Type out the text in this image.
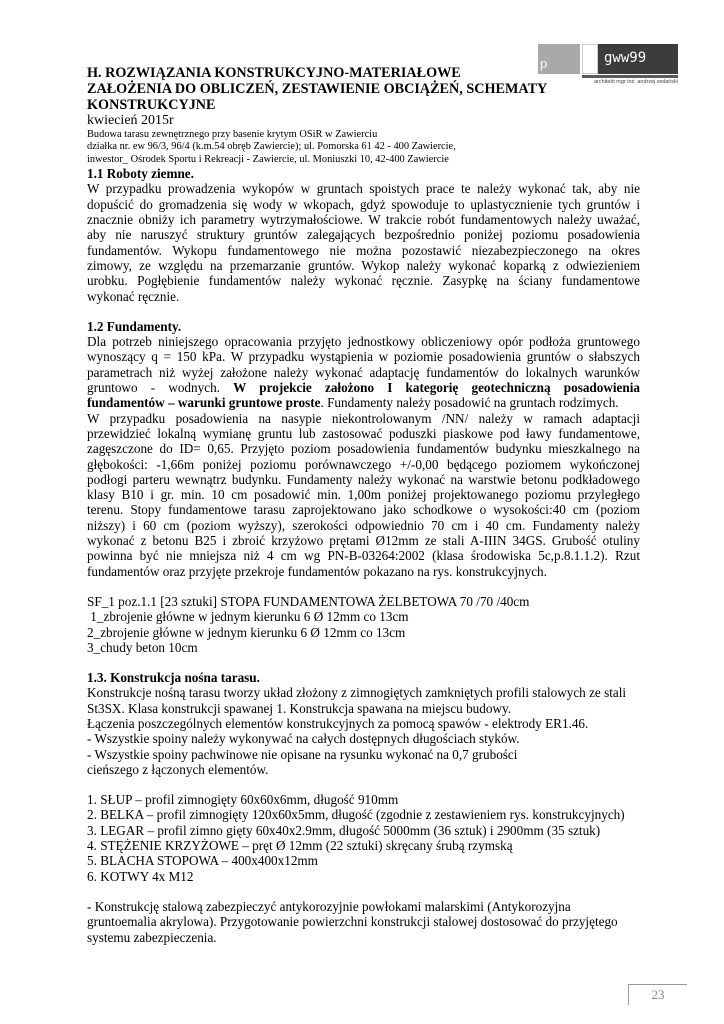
p	gww99
architekt mgr inż. andrzej wolański
H. ROZWIĄZANIA KONSTRUKCYJNO-MATERIAŁOWE
ZAŁOŻENIA DO OBLICZEŃ, ZESTAWIENIE OBCIĄŻEŃ, SCHEMATY
KONSTRUKCYJNE
kwiecień 2015r
Budowa tarasu zewnętrznego przy basenie krytym OSiR w Zawierciu
działka nr. ew 96/3, 96/4 (k.m.54 obręb Zawiercie); ul. Pomorska 61 42 - 400 Zawiercie,
inwestor_ Ośrodek Sportu i Rekreacji - Zawiercie, ul. Moniuszki 10, 42-400 Zawiercie
1.1 Roboty ziemne.
W przypadku prowadzenia wykopów w gruntach spoistych prace te należy wykonać tak, aby nie
dopuścić do gromadzenia się wody w wkopach, gdyż spowoduje to uplastycznienie tych gruntów i
znacznie obniży ich parametry wytrzymałościowe. W trakcie robót fundamentowych należy uważać,
aby nie naruszyć struktury gruntów zalegających bezpośrednio poniżej poziomu posadowienia
fundamentów. Wykopu fundamentowego nie można pozostawić niezabezpieczonego na okres
zimowy, ze względu na przemarzanie gruntów. Wykop należy wykonać koparką z odwiezieniem
urobku. Pogłębienie fundamentów należy wykonać ręcznie. Zasypkę na ściany fundamentowe
wykonać ręcznie.
1.2 Fundamenty.
Dla potrzeb niniejszego opracowania przyjęto jednostkowy obliczeniowy opór podłoża gruntowego
wynoszący q = 150 kPa. W przypadku wystąpienia w poziomie posadowienia gruntów o słabszych
parametrach niż wyżej założone należy wykonać adaptację fundamentów do lokalnych warunków
gruntowo - wodnych. W projekcie założono I kategorię geotechniczną posadowienia
fundamentów – warunki gruntowe proste. Fundamenty należy posadowić na gruntach rodzimych.
W przypadku posadowienia na nasypie niekontrolowanym /NN/ należy w ramach adaptacji
przewidzieć lokalną wymianę gruntu lub zastosować poduszki piaskowe pod ławy fundamentowe,
zagęszczone do ID= 0,65. Przyjęto poziom posadowienia fundamentów budynku mieszkalnego na
głębokości: -1,66m poniżej poziomu porównawczego +/-0,00 będącego poziomem wykończonej
podłogi parteru wewnątrz budynku. Fundamenty należy wykonać na warstwie betonu podkładowego
klasy B10 i gr. min. 10 cm posadowić min. 1,00m poniżej projektowanego poziomu przyległego
terenu. Stopy fundamentowe tarasu zaprojektowano jako schodkowe o wysokości:40 cm (poziom
niższy) i 60 cm (poziom wyższy), szerokości odpowiednio 70 cm i 40 cm. Fundamenty należy
wykonać z betonu B25 i zbroić krzyżowo prętami Ø12mm ze stali A-IIIN 34GS. Grubość otuliny
powinna być nie mniejsza niż 4 cm wg PN-B-03264:2002 (klasa środowiska 5c,p.8.1.1.2). Rzut
fundamentów oraz przyjęte przekroje fundamentów pokazano na rys. konstrukcyjnych.
SF_1 poz.1.1 [23 sztuki] STOPA FUNDAMENTOWA ŻELBETOWA 70 /70 /40cm
1_zbrojenie główne w jednym kierunku 6 Ø 12mm co 13cm
2_zbrojenie główne w jednym kierunku 6 Ø 12mm co 13cm
3_chudy beton 10cm
1.3. Konstrukcja nośna tarasu.
Konstrukcje nośną tarasu tworzy układ złożony z zimnogiętych zamkniętych profili stalowych ze stali
St3SX. Klasa konstrukcji spawanej 1. Konstrukcja spawana na miejscu budowy.
Łączenia poszczególnych elementów konstrukcyjnych za pomocą spawów - elektrody ER1.46.
- Wszystkie spoiny należy wykonywać na całych dostępnych długościach styków.
- Wszystkie spoiny pachwinowe nie opisane na rysunku wykonać na 0,7 grubości
cieńszego z łączonych elementów.
1. SŁUP – profil zimnogięty 60x60x6mm, długość 910mm
2. BELKA – profil zimnogięty 120x60x5mm, długość (zgodnie z zestawieniem rys. konstrukcyjnych)
3. LEGAR – profil zimno gięty 60x40x2.9mm, długość 5000mm (36 sztuk) i 2900mm (35 sztuk)
4. STĘŻENIE KRZYŻOWE – pręt Ø 12mm (22 sztuki) skręcany śrubą rzymską
5. BLACHA STOPOWA – 400x400x12mm
6. KOTWY 4x M12
- Konstrukcję stalową zabezpieczyć antykorozyjnie powłokami malarskimi (Antykorozyjna
gruntoemalia akrylowa). Przygotowanie powierzchni konstrukcji stalowej dostosować do przyjętego
systemu zabezpieczenia.
23
